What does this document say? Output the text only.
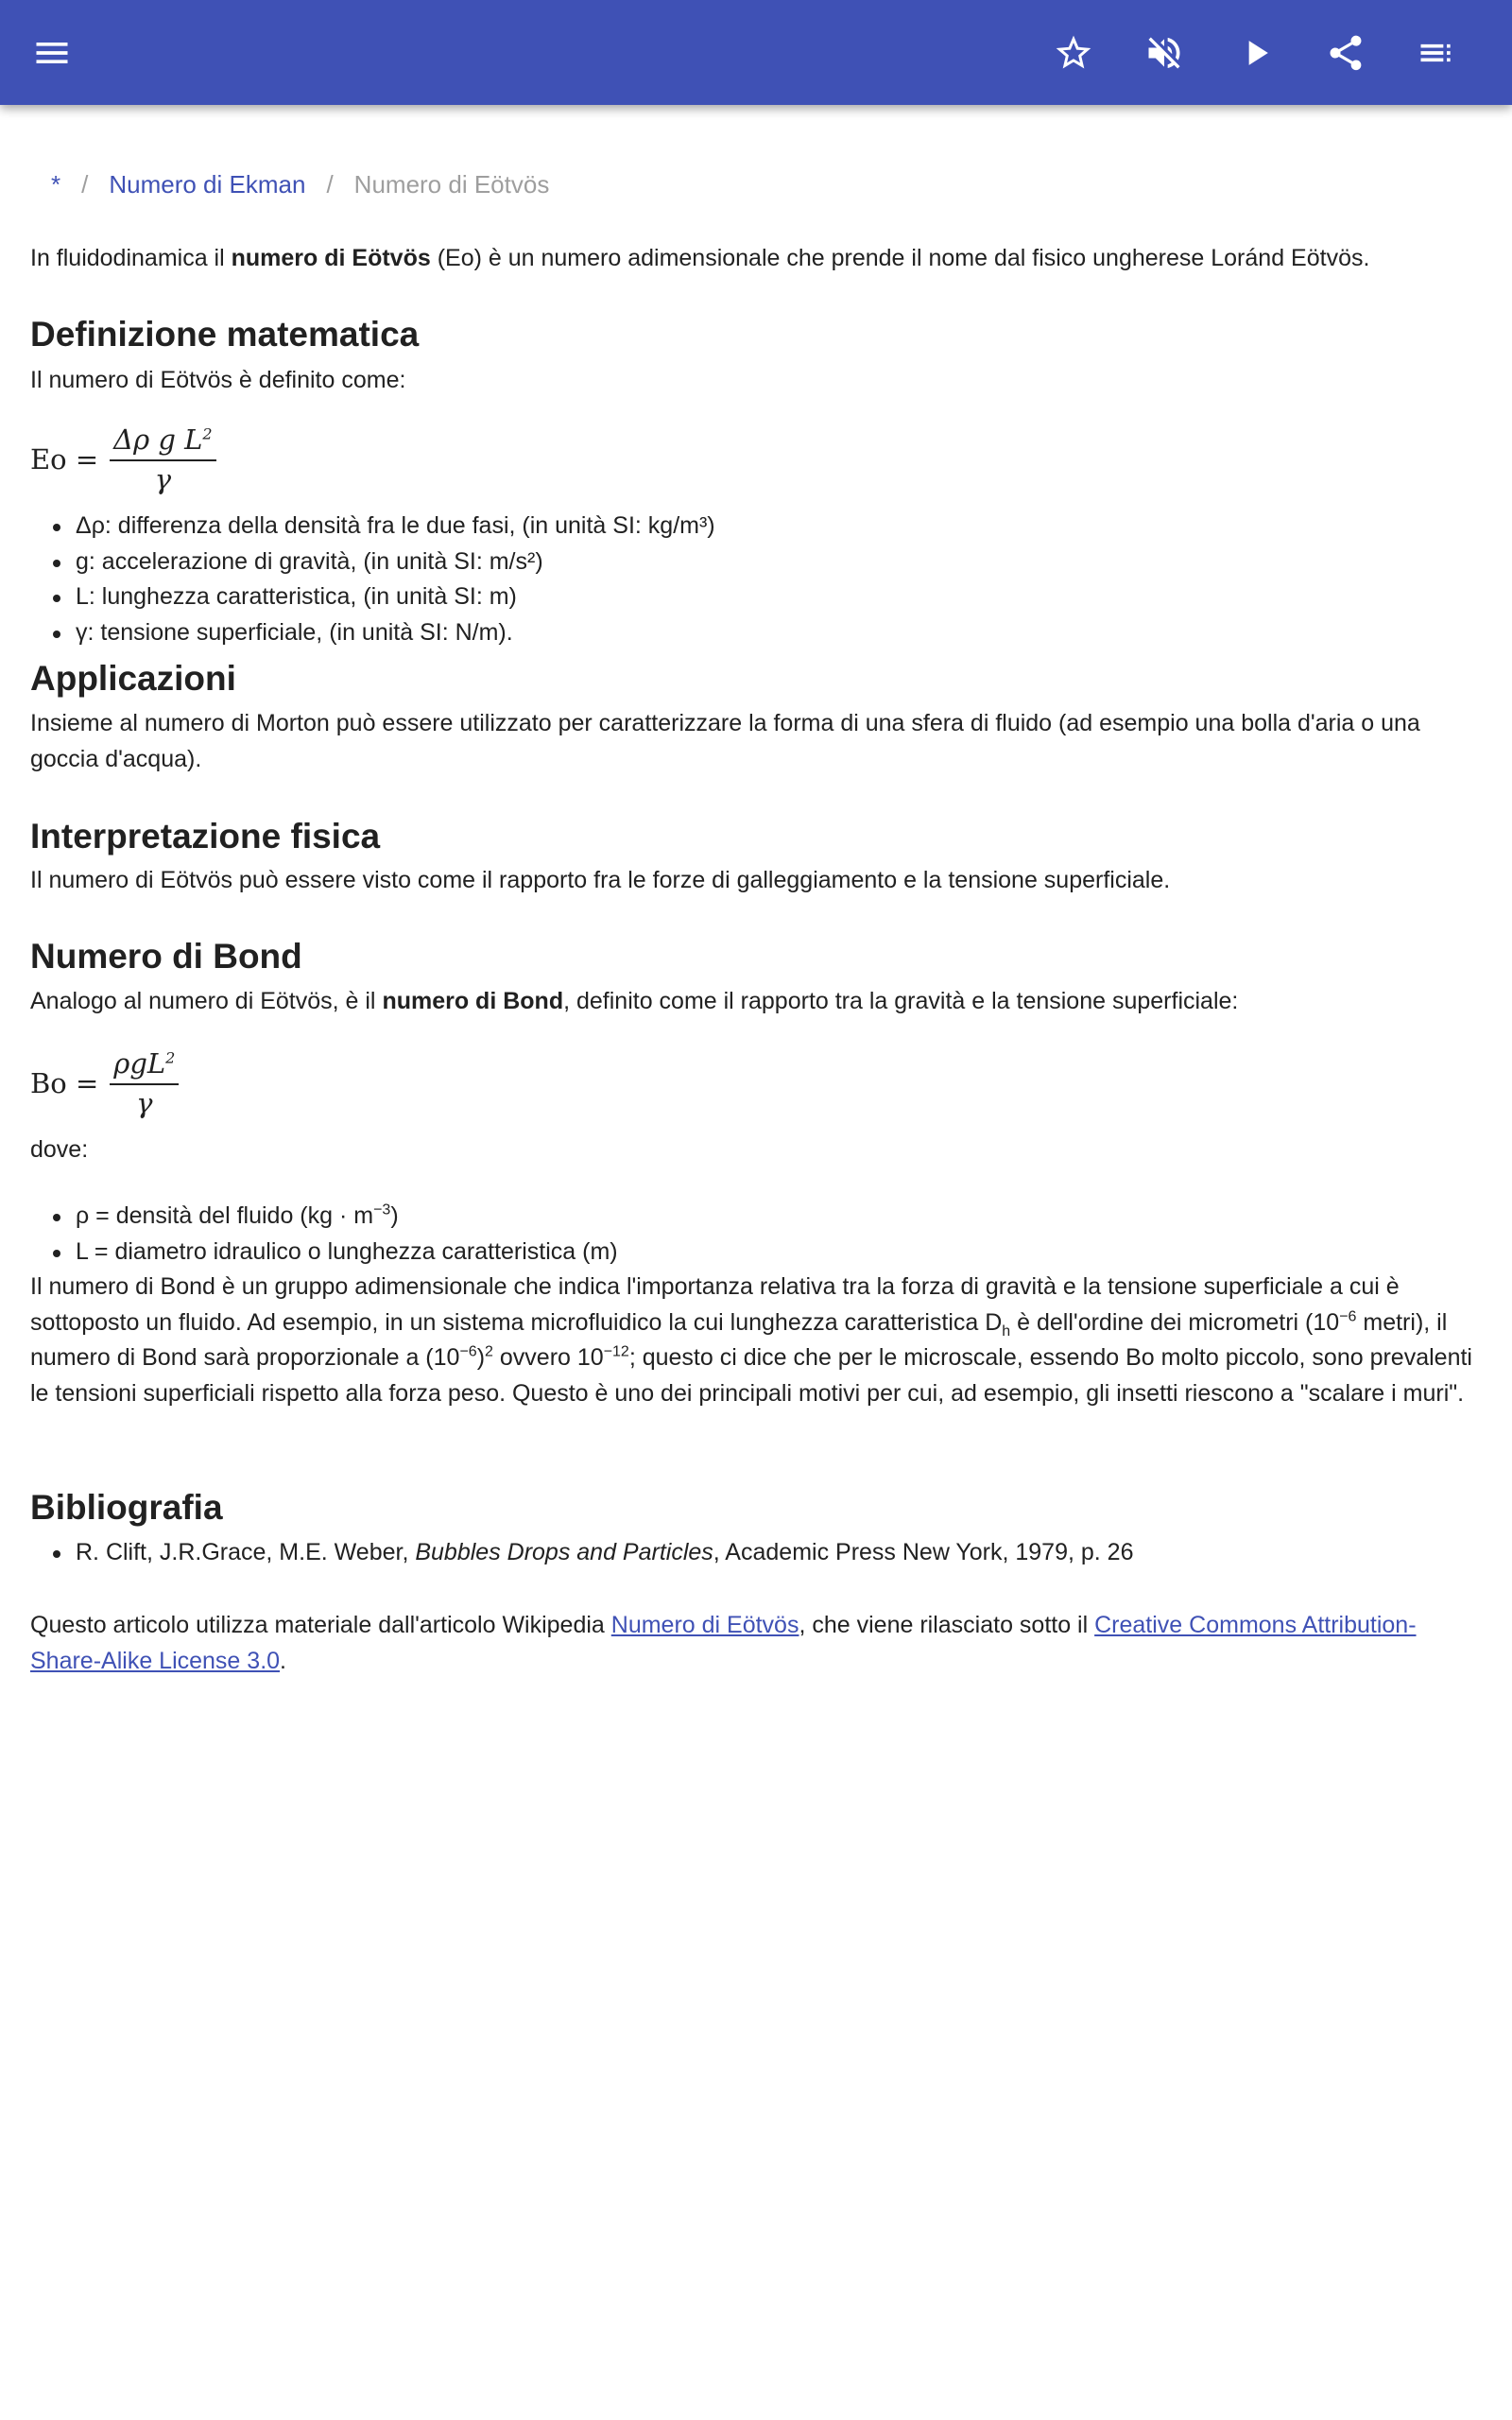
* / Numero di Ekman / Numero di Eötvös
In fluidodinamica il numero di Eötvös (Eo) è un numero adimensionale che prende il nome dal fisico ungherese Loránd Eötvös.
Definizione matematica
Il numero di Eötvös è definito come:
$Eo = \frac{\Delta\rho g L^2}{\gamma}$
Δρ: differenza della densità fra le due fasi, (in unità SI: kg/m³)
g: accelerazione di gravità, (in unità SI: m/s²)
L: lunghezza caratteristica, (in unità SI: m)
γ: tensione superficiale, (in unità SI: N/m).
Applicazioni
Insieme al numero di Morton può essere utilizzato per caratterizzare la forma di una sfera di fluido (ad esempio una bolla d'aria o una goccia d'acqua).
Interpretazione fisica
Il numero di Eötvös può essere visto come il rapporto fra le forze di galleggiamento e la tensione superficiale.
Numero di Bond
Analogo al numero di Eötvös, è il numero di Bond, definito come il rapporto tra la gravità e la tensione superficiale:
$Bo = \frac{\rho gL^2}{\gamma}$
dove:
ρ = densità del fluido $(kg \cdot m^{-3})$
L = diametro idraulico o lunghezza caratteristica (m)
Il numero di Bond è un gruppo adimensionale che indica l'importanza relativa tra la forza di gravità e la tensione superficiale a cui è sottoposto un fluido. Ad esempio, in un sistema microfluidico la cui lunghezza caratteristica $D_h$ è dell'ordine dei micrometri ($10^{-6}$ metri), il numero di Bond sarà proporzionale a $(10^{-6})^2$ ovvero $10^{-12}$; questo ci dice che per le microscale, essendo Bo molto piccolo, sono prevalenti le tensioni superficiali rispetto alla forza peso. Questo è uno dei principali motivi per cui, ad esempio, gli insetti riescono a "scalare i muri".
Bibliografia
R. Clift, J.R.Grace, M.E. Weber, Bubbles Drops and Particles, Academic Press New York, 1979, p. 26
Questo articolo utilizza materiale dall'articolo Wikipedia Numero di Eötvös, che viene rilasciato sotto il Creative Commons Attribution-Share-Alike License 3.0.
